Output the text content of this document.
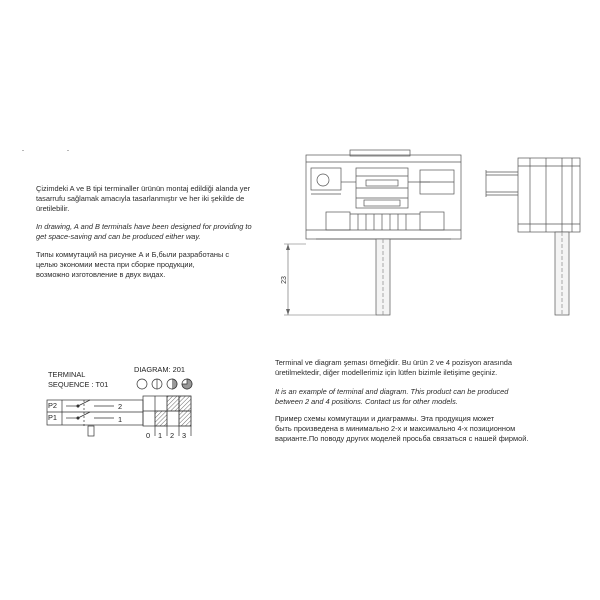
-	-
Çizimdeki A ve B tipi terminaller ürünün montaj edildiği alanda yer
tasarrufu sağlamak amacıyla tasarlanmıştır ve her iki şekilde de
üretilebilir.
In drawing, A and B terminals have been designed for providing to
get space-saving and can be produced either way.
Типы коммутаций на рисунке А и Б,были разработаны с
целью экономии места при сборке продукции,
возможно изготовление в двух видах.
23
TERMINAL
SEQUENCE : T01
DIAGRAM: 201
P2
P1
2
1
0 1 2 3
Terminal ve diagram şeması örneğidir. Bu ürün 2 ve 4 pozisyon arasında
üretilmektedir, diğer modellerimiz için lütfen bizimle iletişime geçiniz.
It is an example of terminal and diagram. This product can be produced
between 2 and 4 positions. Contact us for other models.
Пример схемы коммутации и диаграммы. Эта продукция может
быть произведена в минимально 2-х и максимально 4-х позиционном
варианте.По поводу других моделей просьба связаться с нашей фирмой.
